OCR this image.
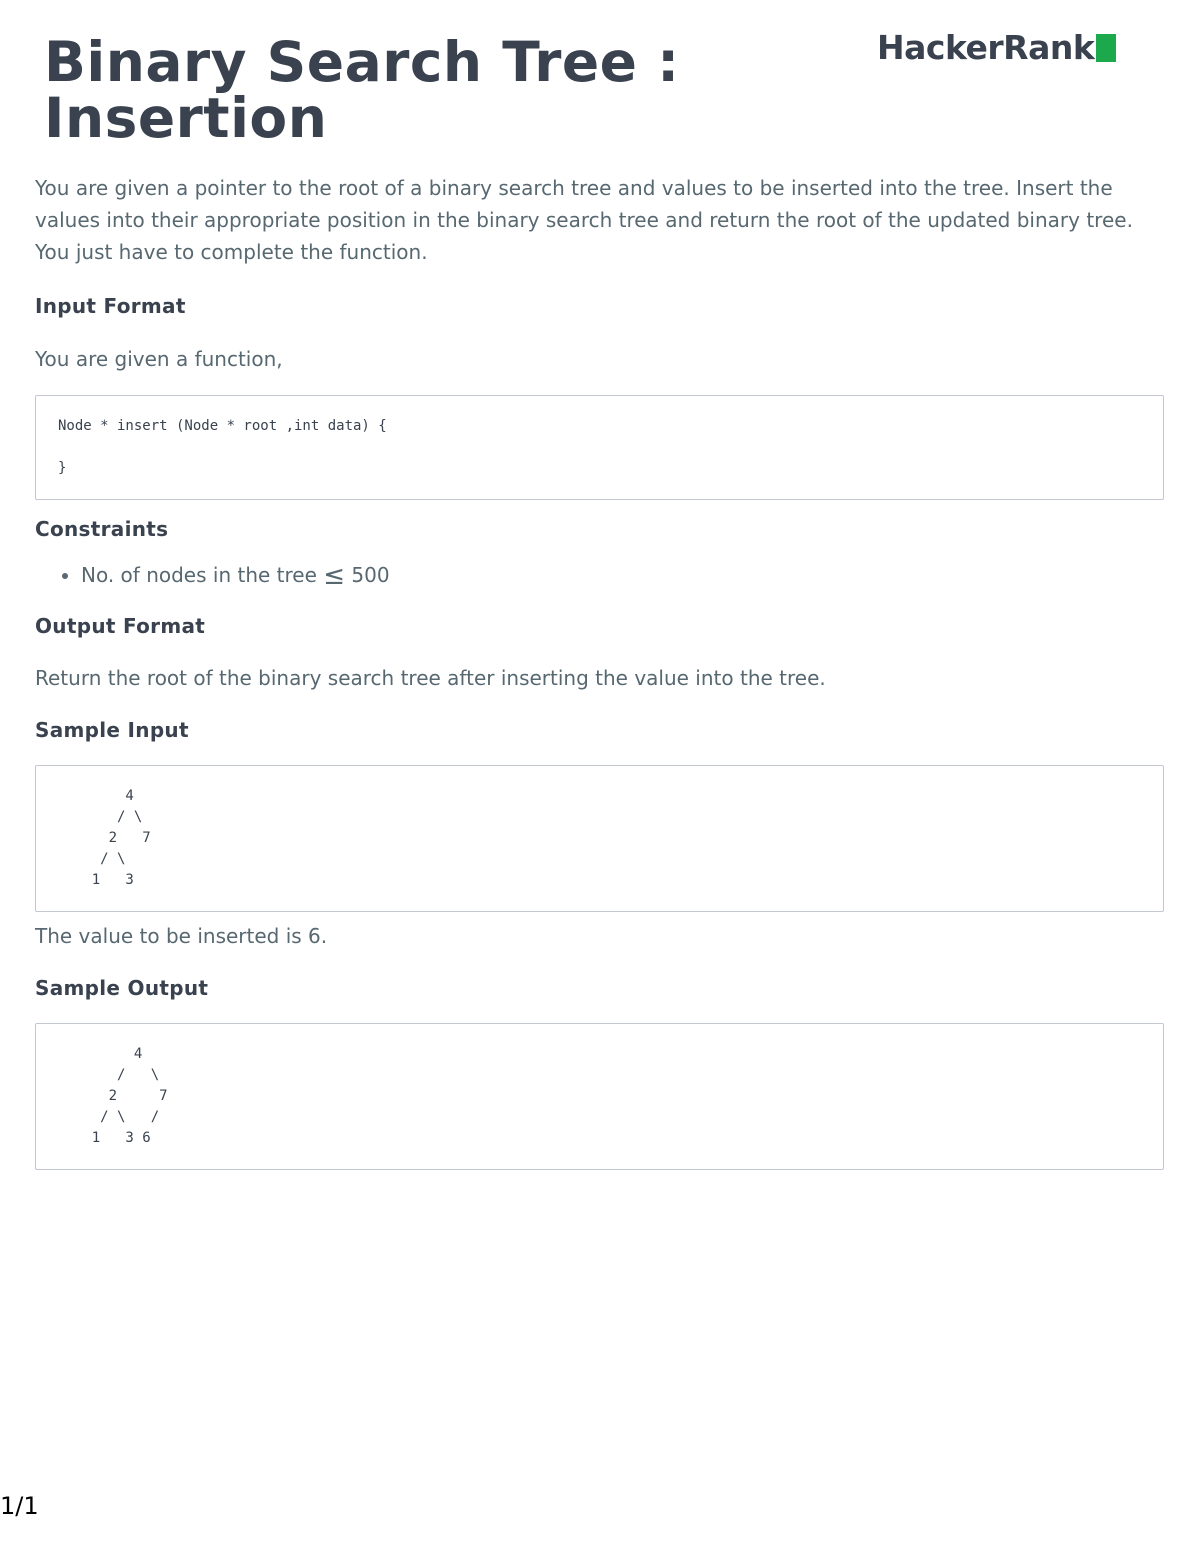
Binary Search Tree :
Insertion
HackerRank

You are given a pointer to the root of a binary search tree and values to be inserted into the tree. Insert the values into their appropriate position in the binary search tree and return the root of the updated binary tree. You just have to complete the function.

Input Format

You are given a function,

Node * insert (Node * root ,int data) {

}
Constraints
• No. of nodes in the tree ≤ 500
Output Format

Return the root of the binary search tree after inserting the value into the tree.

Sample Input
4
/ \
2   7
/ \
1   3

The value to be inserted is 6.

Sample Output
4
/   \
2     7
/ \   /
1   3 6
1/1
